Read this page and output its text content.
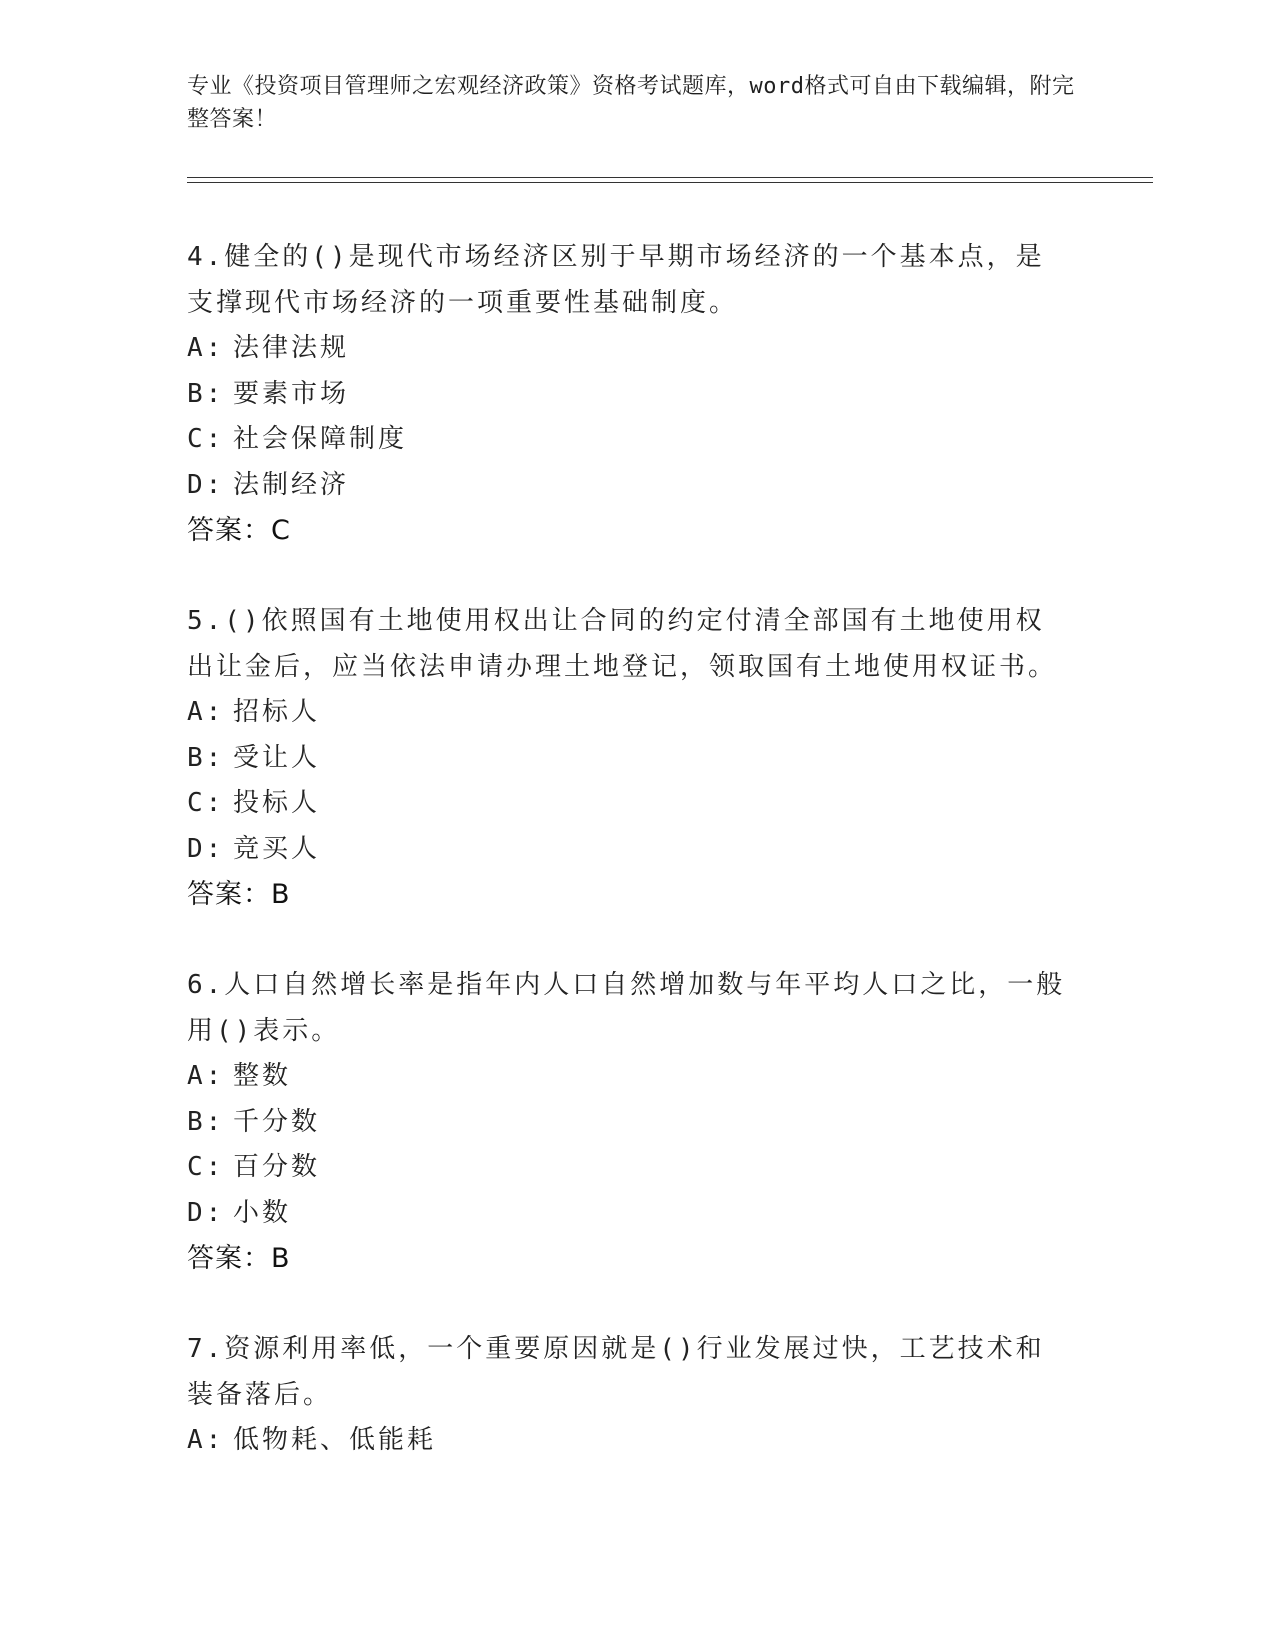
专业《投资项目管理师之宏观经济政策》资格考试题库，word格式可自由下载编辑，附完整答案！

4.健全的()是现代市场经济区别于早期市场经济的一个基本点，是支撑现代市场经济的一项重要性基础制度。

A: 法律法规

B: 要素市场

C: 社会保障制度

D: 法制经济

答案：C

5.()依照国有土地使用权出让合同的约定付清全部国有土地使用权出让金后，应当依法申请办理土地登记，领取国有土地使用权证书。

A: 招标人

B: 受让人

C: 投标人

D: 竞买人

答案：B

6.人口自然增长率是指年内人口自然增加数与年平均人口之比，一般用()表示。

A: 整数

B: 千分数

C: 百分数

D: 小数

答案：B

7.资源利用率低，一个重要原因就是()行业发展过快，工艺技术和装备落后。

A: 低物耗、低能耗
